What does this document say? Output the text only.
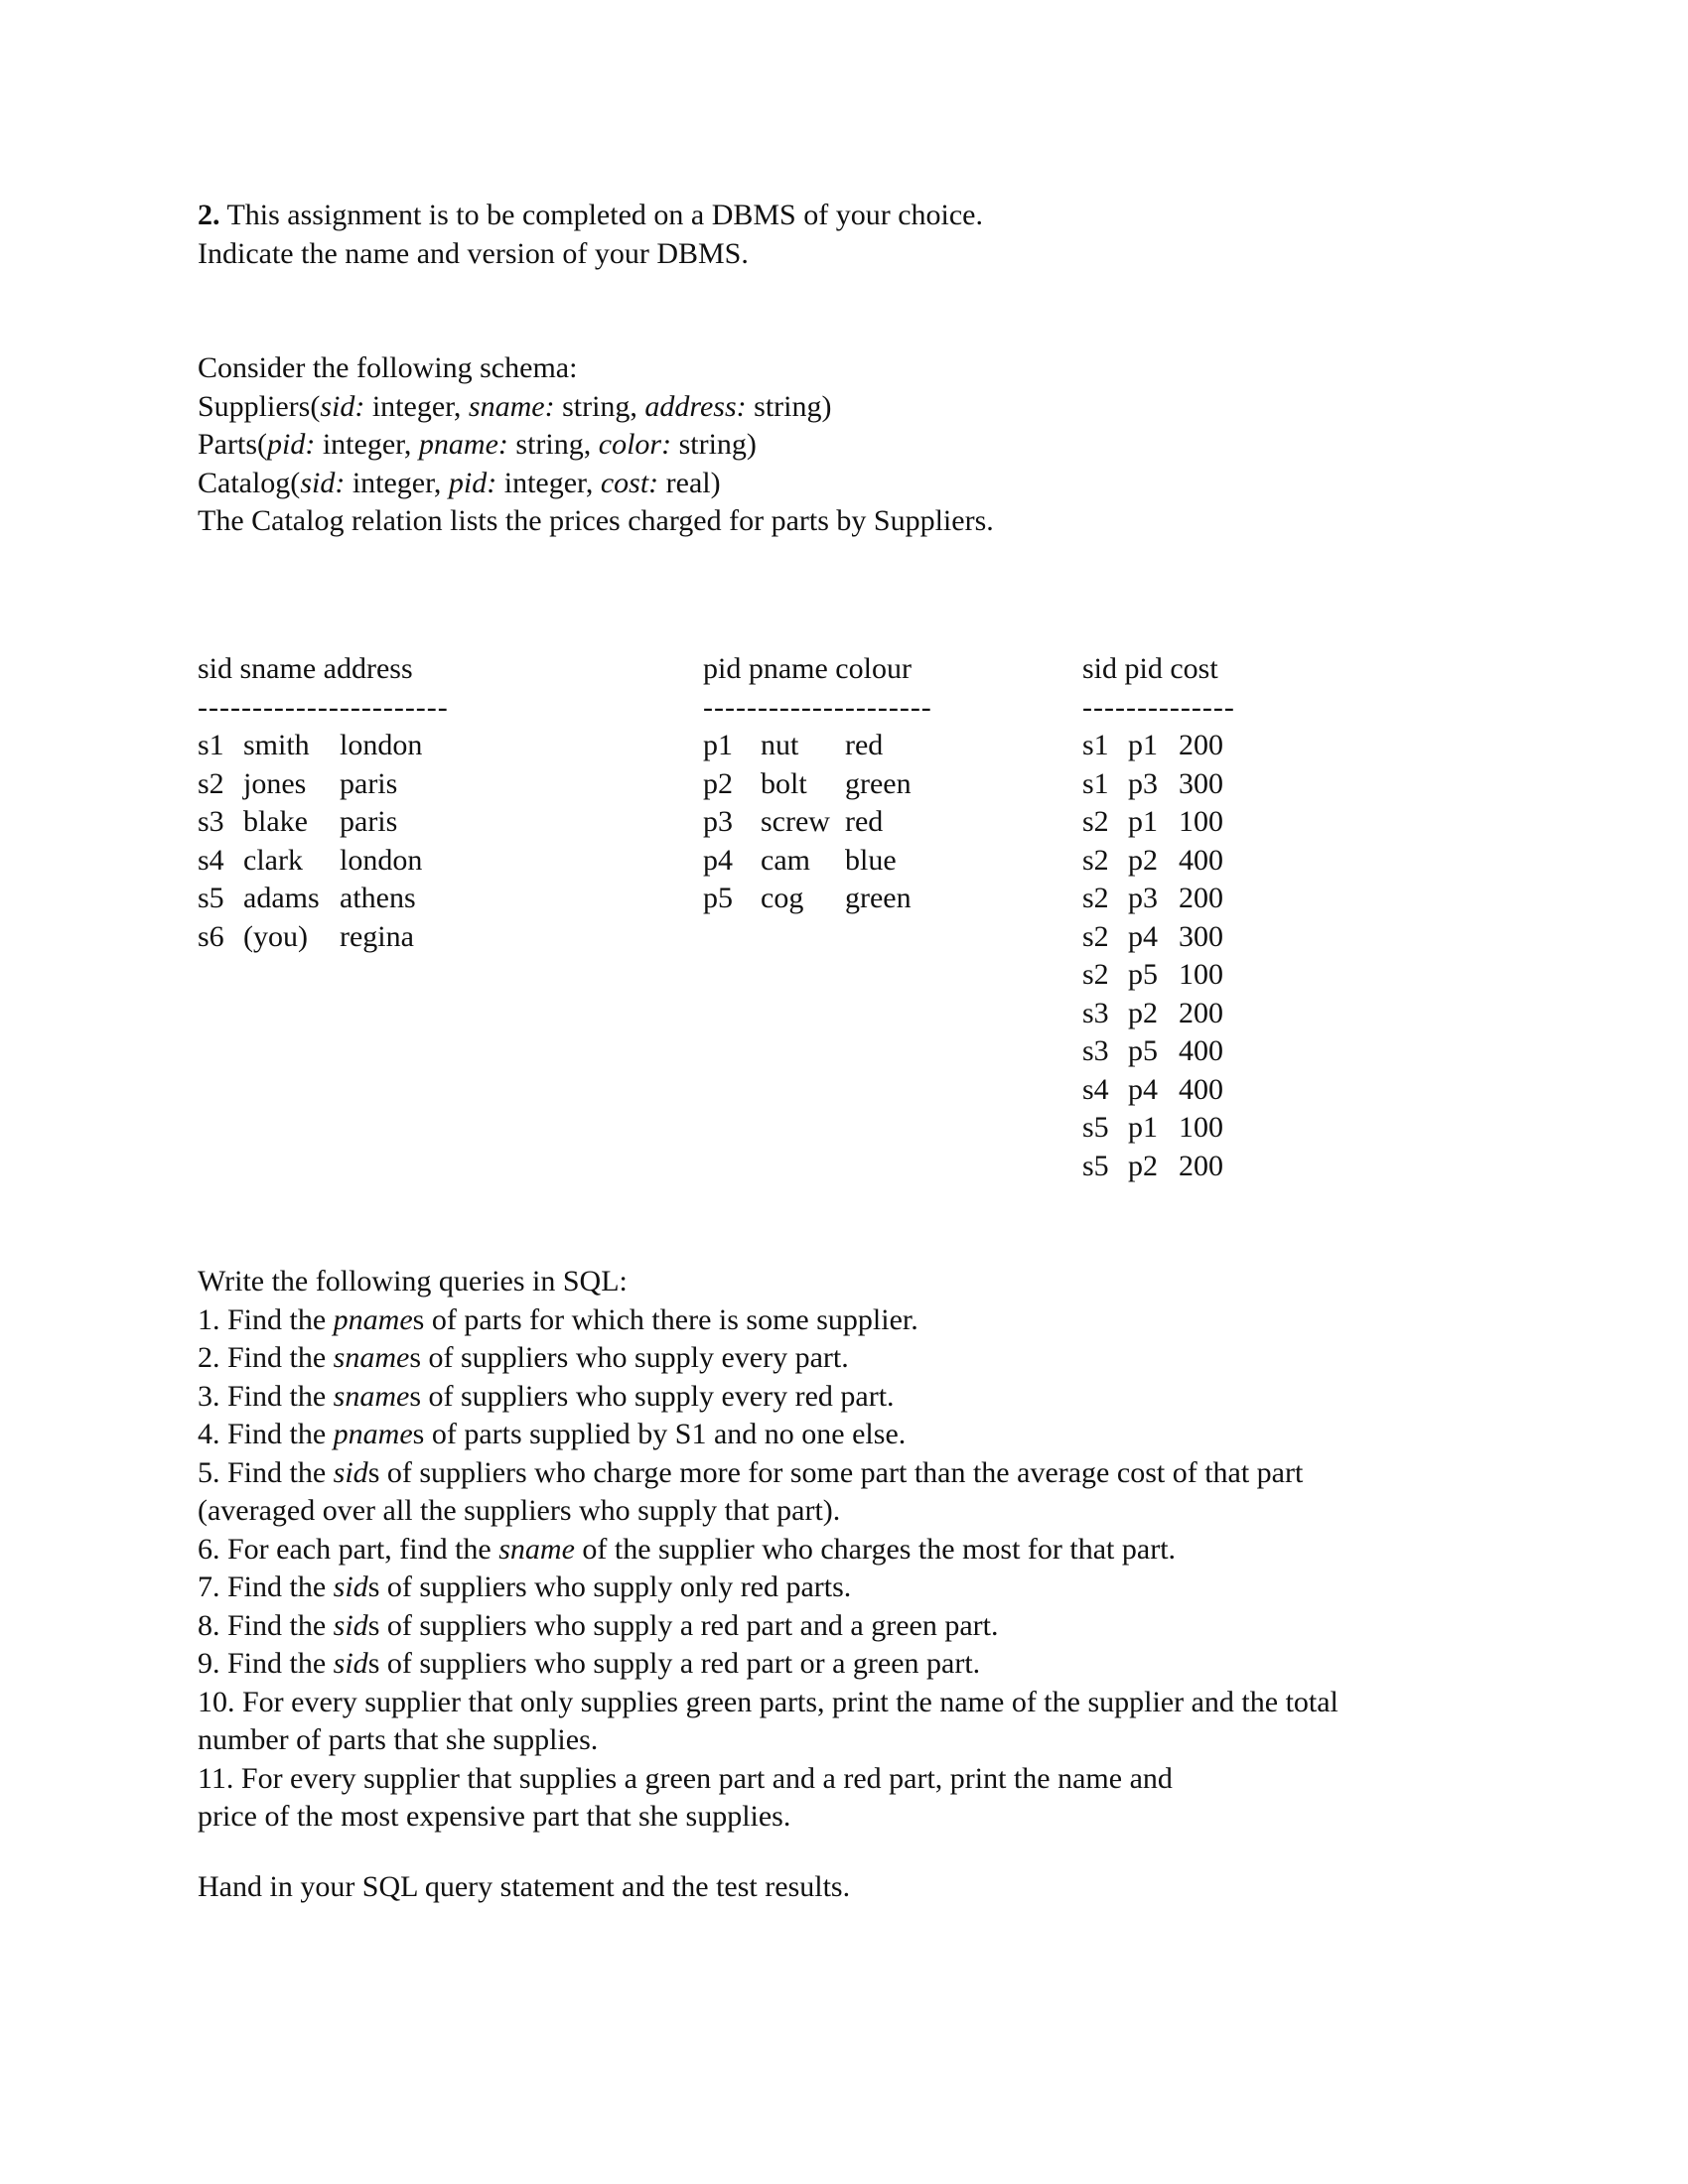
2. This assignment is to be completed on a DBMS of your choice.
Indicate the name and version of your DBMS.
Consider the following schema:
Suppliers(sid: integer, sname: string, address: string)
Parts(pid: integer, pname: string, color: string)
Catalog(sid: integer, pid: integer, cost: real)
The Catalog relation lists the prices charged for parts by Suppliers.
sid sname address
-----------------------
s1 smith london
s2 jones paris
s3 blake paris
s4 clark london
s5 adams athens
s6 (you) regina
pid pname colour
---------------------
p1 nut red
p2 bolt green
p3 screw red
p4 cam blue
p5 cog green
sid pid cost
--------------
s1 p1 200
s1 p3 300
s2 p1 100
s2 p2 400
s2 p3 200
s2 p4 300
s2 p5 100
s3 p2 200
s3 p5 400
s4 p4 400
s5 p1 100
s5 p2 200
Write the following queries in SQL:
1. Find the pnames of parts for which there is some supplier.
2. Find the snames of suppliers who supply every part.
3. Find the snames of suppliers who supply every red part.
4. Find the pnames of parts supplied by S1 and no one else.
5. Find the sids of suppliers who charge more for some part than the average cost of that part
(averaged over all the suppliers who supply that part).
6. For each part, find the sname of the supplier who charges the most for that part.
7. Find the sids of suppliers who supply only red parts.
8. Find the sids of suppliers who supply a red part and a green part.
9. Find the sids of suppliers who supply a red part or a green part.
10. For every supplier that only supplies green parts, print the name of the supplier and the total
number of parts that she supplies.
11. For every supplier that supplies a green part and a red part, print the name and
price of the most expensive part that she supplies.
Hand in your SQL query statement and the test results.
